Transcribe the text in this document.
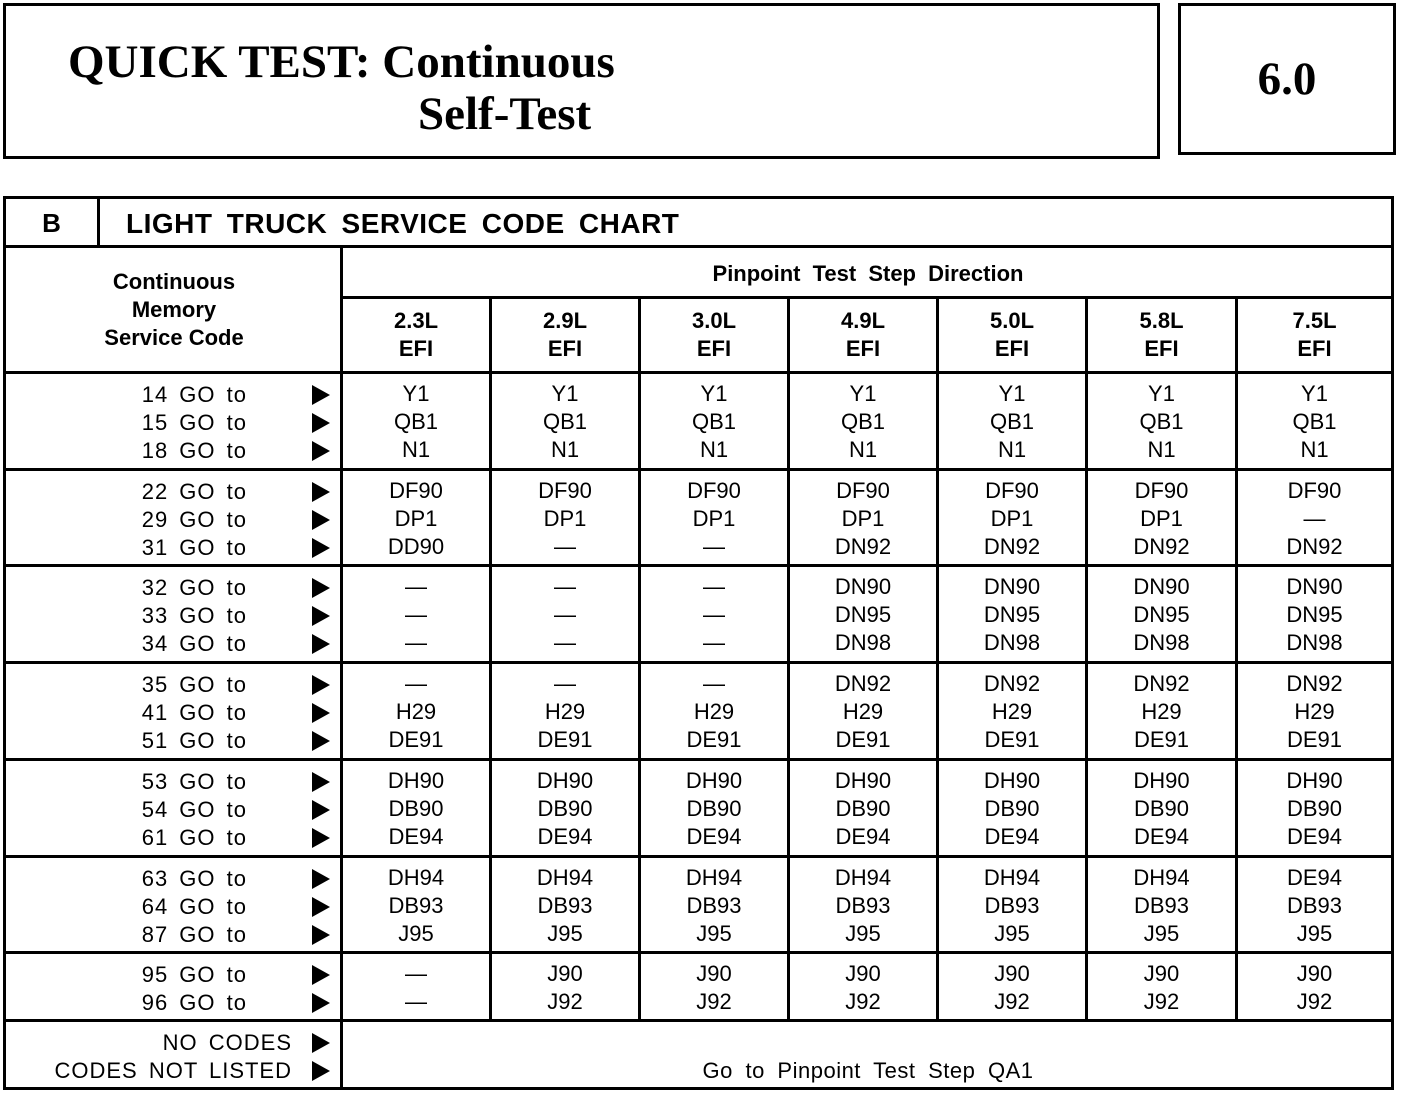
QUICK TEST: Continuous
Self-Test
6.0
B	LIGHT TRUCK SERVICE CODE CHART
Continuous
Memory
Service Code
Pinpoint Test Step Direction
2.3L
EFI
2.9L
EFI
3.0L
EFI
4.9L
EFI
5.0L
EFI
5.8L
EFI
7.5L
EFI
14 GO to
15 GO to
18 GO to
Y1
QB1
N1
Y1
QB1
N1
Y1
QB1
N1
Y1
QB1
N1
Y1
QB1
N1
Y1
QB1
N1
Y1
QB1
N1
22 GO to
29 GO to
31 GO to
DF90
DP1
DD90
DF90
DP1
—
DF90
DP1
—
DF90
DP1
DN92
DF90
DP1
DN92
DF90
DP1
DN92
DF90
—
DN92
32 GO to
33 GO to
34 GO to
—
—
—
—
—
—
—
—
—
DN90
DN95
DN98
DN90
DN95
DN98
DN90
DN95
DN98
DN90
DN95
DN98
35 GO to
41 GO to
51 GO to
—
H29
DE91
—
H29
DE91
—
H29
DE91
DN92
H29
DE91
DN92
H29
DE91
DN92
H29
DE91
DN92
H29
DE91
53 GO to
54 GO to
61 GO to
DH90
DB90
DE94
DH90
DB90
DE94
DH90
DB90
DE94
DH90
DB90
DE94
DH90
DB90
DE94
DH90
DB90
DE94
DH90
DB90
DE94
63 GO to
64 GO to
87 GO to
DH94
DB93
J95
DH94
DB93
J95
DH94
DB93
J95
DH94
DB93
J95
DH94
DB93
J95
DH94
DB93
J95
DE94
DB93
J95
95 GO to
96 GO to
—
—
J90
J92
J90
J92
J90
J92
J90
J92
J90
J92
J90
J92
NO CODES
CODES NOT LISTED	Go to Pinpoint Test Step QA1
